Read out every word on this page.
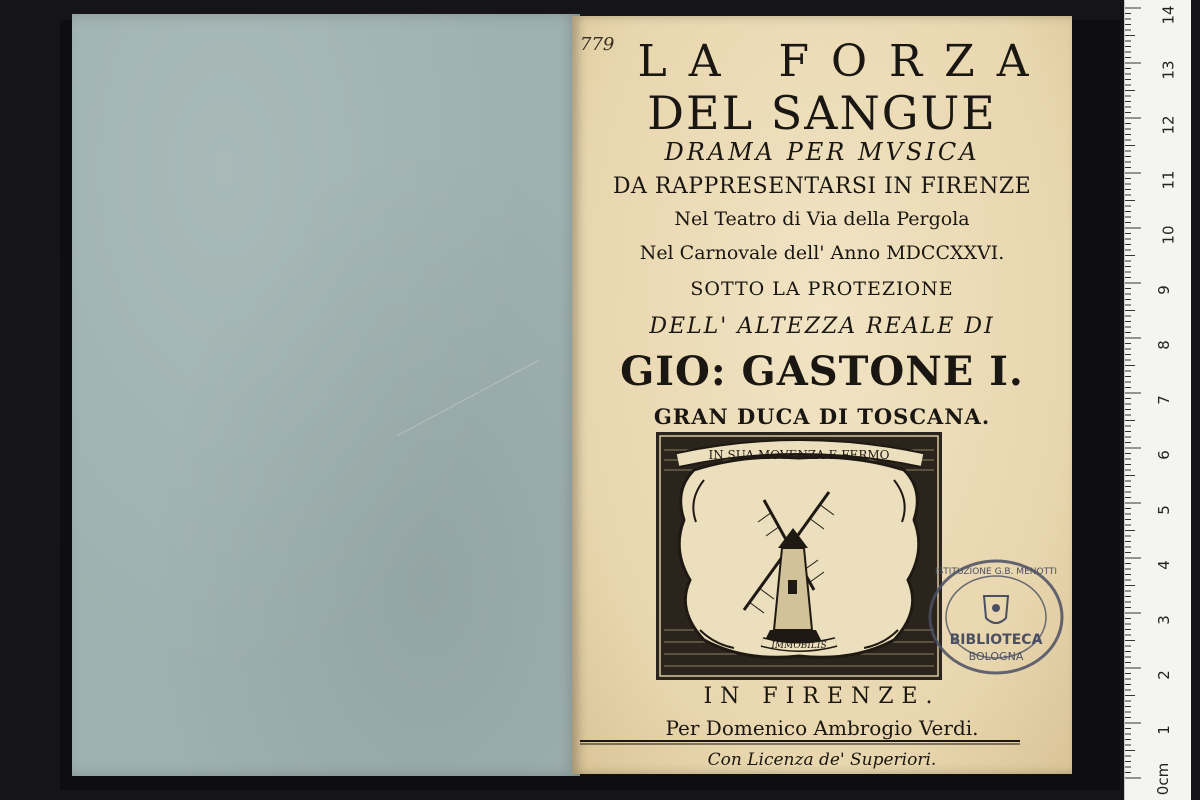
779 LA FORZA
DEL SANGUE
DRAMA PER MVSICA
DA RAPPRESENTARSI IN FIRENZE
Nel Teatro di Via della Pergola
Nel Carnovale dell' Anno MDCCXXVI.
SOTTO LA PROTEZIONE
DELL' ALTEZZA REALE DI
GIO: GASTONE I.
GRAN DUCA DI TOSCANA.
IN SUA MOVENZA E FERMO
IMMOBILIS
ISTITUZIONE G.B. MENOTTI
BIBLIOTECA
BOLOGNA
IN FIRENZE.
Per Domenico Ambrogio Verdi.
Con Licenza de' Superiori.
14
13
12
11
10
9
8
7
6
5
4
3
2
1
0cm
